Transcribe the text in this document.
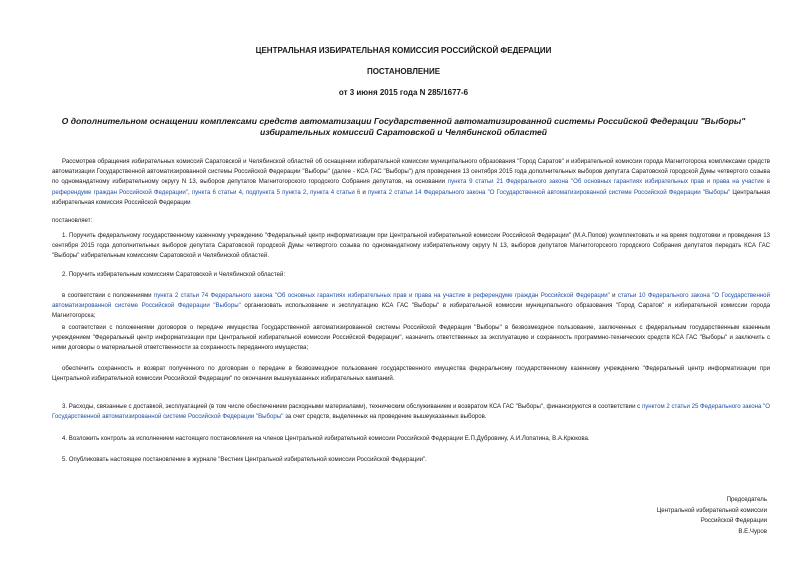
ЦЕНТРАЛЬНАЯ ИЗБИРАТЕЛЬНАЯ КОМИССИЯ РОССИЙСКОЙ ФЕДЕРАЦИИ
ПОСТАНОВЛЕНИЕ
от 3 июня 2015 года N 285/1677-6
О дополнительном оснащении комплексами средств автоматизации Государственной автоматизированной системы Российской Федерации "Выборы"
избирательных комиссий Саратовской и Челябинской областей
Рассмотрев обращения избирательных комиссий Саратовской и Челябинской областей об оснащении избирательной комиссии муниципального образования "Город Саратов" и избирательной комиссии города Магнитогорска комплексами средств автоматизации Государственной автоматизированной системы Российской Федерации "Выборы" (далее - КСА ГАС "Выборы") для проведения 13 сентября 2015 года дополнительных выборов депутата Саратовской городской Думы четвертого созыва по одномандатному избирательному округу N 13, выборов депутатов Магнитогорского городского Собрания депутатов, на основании пункта 9 статьи 21 Федерального закона "Об основных гарантиях избирательных прав и права на участие в референдуме граждан Российской Федерации", пункта 6 статьи 4, подпункта 5 пункта 2, пункта 4 статьи 6 и пункта 2 статьи 14 Федерального закона "О Государственной автоматизированной системе Российской Федерации "Выборы" Центральная избирательная комиссия Российской Федерации
постановляет:
1. Поручить федеральному государственному казенному учреждению "Федеральный центр информатизации при Центральной избирательной комиссии Российской Федерации" (М.А.Попов) укомплектовать и на время подготовки и проведения 13 сентября 2015 года дополнительных выборов депутата Саратовской городской Думы четвертого созыва по одномандатному избирательному округу N 13, выборов депутатов Магнитогорского городского Собрания депутатов передать КСА ГАС "Выборы" избирательным комиссиям Саратовской и Челябинской областей.
2. Поручить избирательным комиссиям Саратовской и Челябинской областей:
в соответствии с положениями пункта 2 статьи 74 Федерального закона "Об основных гарантиях избирательных прав и права на участие в референдуме граждан Российской Федерации" и статьи 10 Федерального закона "О Государственной автоматизированной системе Российской Федерации "Выборы" организовать использование и эксплуатацию КСА ГАС "Выборы" в избирательной комиссии муниципального образования "Город Саратов" и избирательной комиссии города Магнитогорска;
в соответствии с положениями договоров о передаче имущества Государственной автоматизированной системы Российской Федерации "Выборы" в безвозмездное пользование, заключенных с федеральным государственным казенным учреждением "Федеральный центр информатизации при Центральной избирательной комиссии Российской Федерации", назначить ответственных за эксплуатацию и сохранность программно-технических средств КСА ГАС "Выборы" и заключить с ними договоры о материальной ответственности за сохранность переданного имущества;
обеспечить сохранность и возврат полученного по договорам о передаче в безвозмездное пользование государственного имущества федеральному государственному казенному учреждению "Федеральный центр информатизации при Центральной избирательной комиссии Российской Федерации" по окончании вышеуказанных избирательных кампаний.
3. Расходы, связанные с доставкой, эксплуатацией (в том числе обеспечением расходными материалами), техническим обслуживанием и возвратом КСА ГАС "Выборы", финансируются в соответствии с пунктом 2 статьи 25 Федерального закона "О Государственной автоматизированной системе Российской Федерации "Выборы" за счет средств, выделенных на проведение вышеуказанных выборов.
4. Возложить контроль за исполнением настоящего постановления на членов Центральной избирательной комиссии Российской Федерации Е.П.Дубровину, А.И.Лопатина, В.А.Крюкова.
5. Опубликовать настоящее постановление в журнале "Вестник Центральной избирательной комиссии Российской Федерации".
Председатель
Центральной избирательной комиссии
Российской Федерации
В.Е.Чуров
